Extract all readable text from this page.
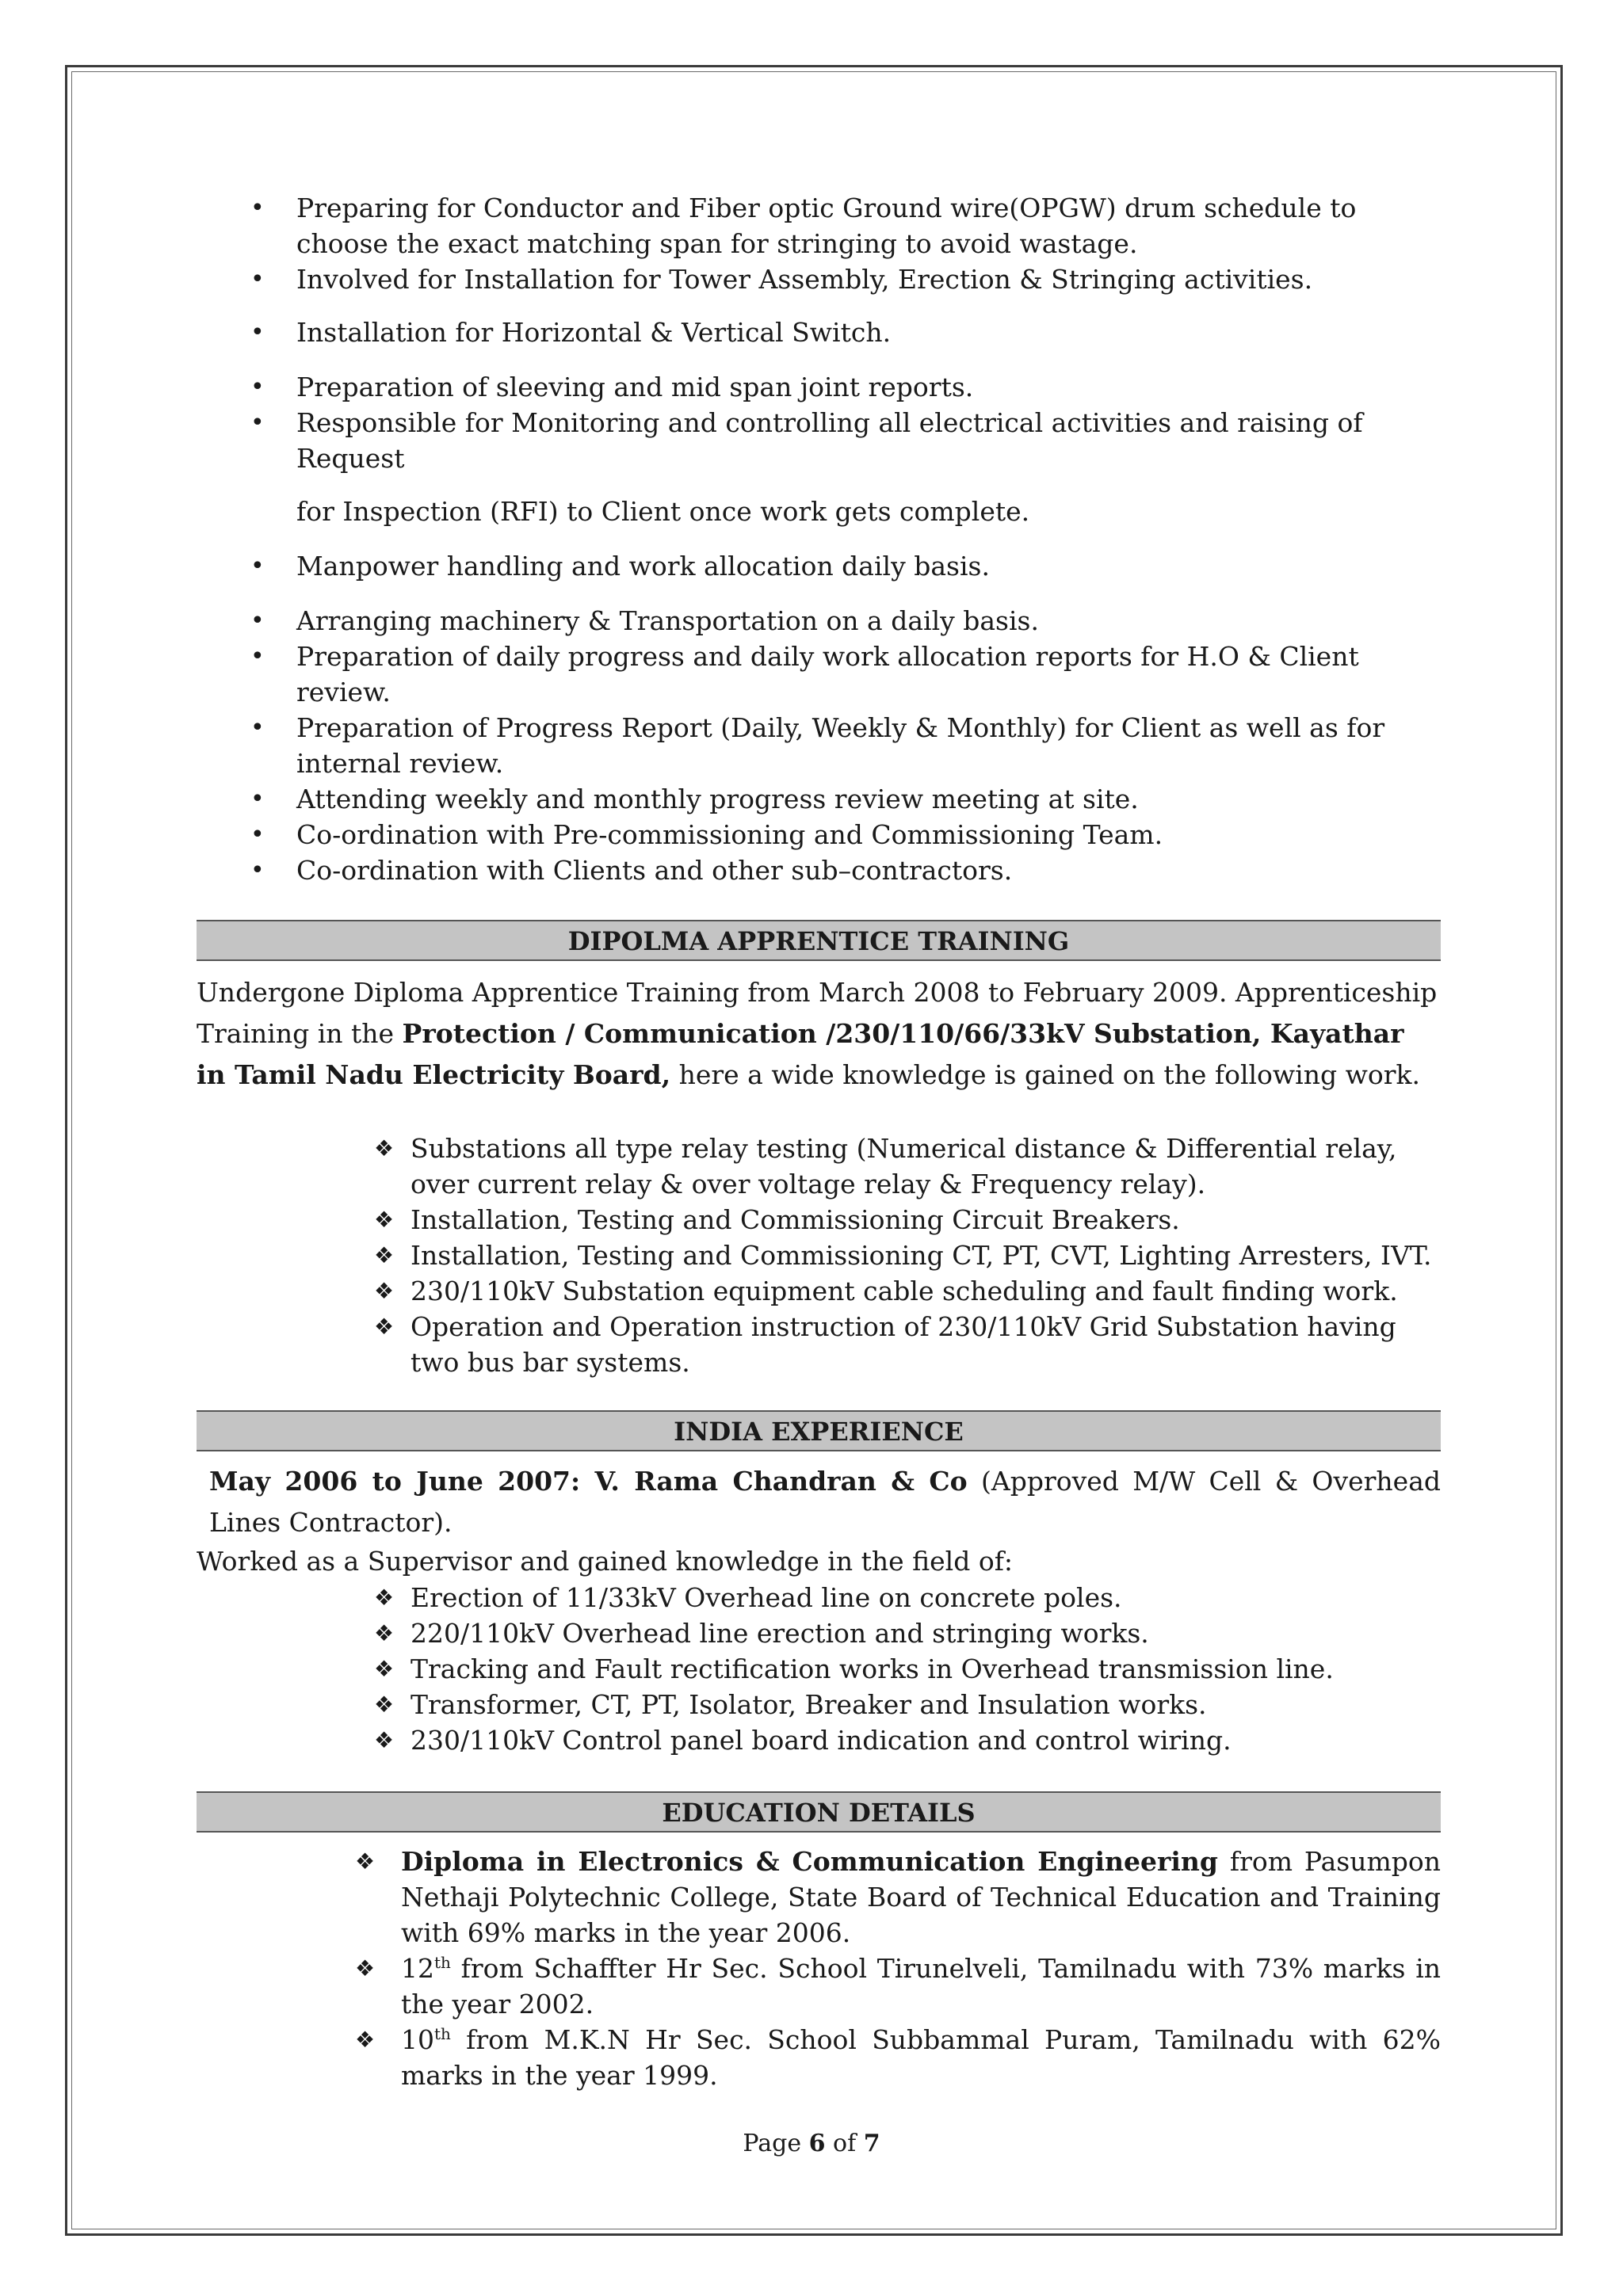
• Preparing for Conductor and Fiber optic Ground wire(OPGW) drum schedule to choose the exact matching span for stringing to avoid wastage.
• Involved for Installation for Tower Assembly, Erection & Stringing activities.
• Installation for Horizontal & Vertical Switch.
• Preparation of sleeving and mid span joint reports.
• Responsible for Monitoring and controlling all electrical activities and raising of Request
for Inspection (RFI) to Client once work gets complete.
• Manpower handling and work allocation daily basis.
• Arranging machinery & Transportation on a daily basis.
• Preparation of daily progress and daily work allocation reports for H.O & Client review.
• Preparation of Progress Report (Daily, Weekly & Monthly) for Client as well as for internal review.
• Attending weekly and monthly progress review meeting at site.
• Co-ordination with Pre-commissioning and Commissioning Team.
• Co-ordination with Clients and other sub–contractors.
DIPOLMA APPRENTICE TRAINING

Undergone Diploma Apprentice Training from March 2008 to February 2009. Apprenticeship Training in the Protection / Communication /230/110/66/33kV Substation, Kayathar in Tamil Nadu Electricity Board, here a wide knowledge is gained on the following work.

❖ Substations all type relay testing (Numerical distance & Differential relay, over current relay & over voltage relay & Frequency relay).
❖ Installation, Testing and Commissioning Circuit Breakers.
❖ Installation, Testing and Commissioning CT, PT, CVT, Lighting Arresters, IVT.
❖ 230/110kV Substation equipment cable scheduling and fault finding work.
❖ Operation and Operation instruction of 230/110kV Grid Substation having two bus bar systems.
INDIA EXPERIENCE

May 2006 to June 2007: V. Rama Chandran & Co (Approved M/W Cell & Overhead Lines Contractor).

Worked as a Supervisor and gained knowledge in the field of:

❖ Erection of 11/33kV Overhead line on concrete poles.
❖ 220/110kV Overhead line erection and stringing works.
❖ Tracking and Fault rectification works in Overhead transmission line.
❖ Transformer, CT, PT, Isolator, Breaker and Insulation works.
❖ 230/110kV Control panel board indication and control wiring.
EDUCATION DETAILS
❖ Diploma in Electronics & Communication Engineering from Pasumpon Nethaji Polytechnic College, State Board of Technical Education and Training with 69% marks in the year 2006.
❖ 12th from Schaffter Hr Sec. School Tirunelveli, Tamilnadu with 73% marks in the year 2002.
❖ 10th from M.K.N Hr Sec. School Subbammal Puram, Tamilnadu with 62% marks in the year 1999.
Page 6 of 7
